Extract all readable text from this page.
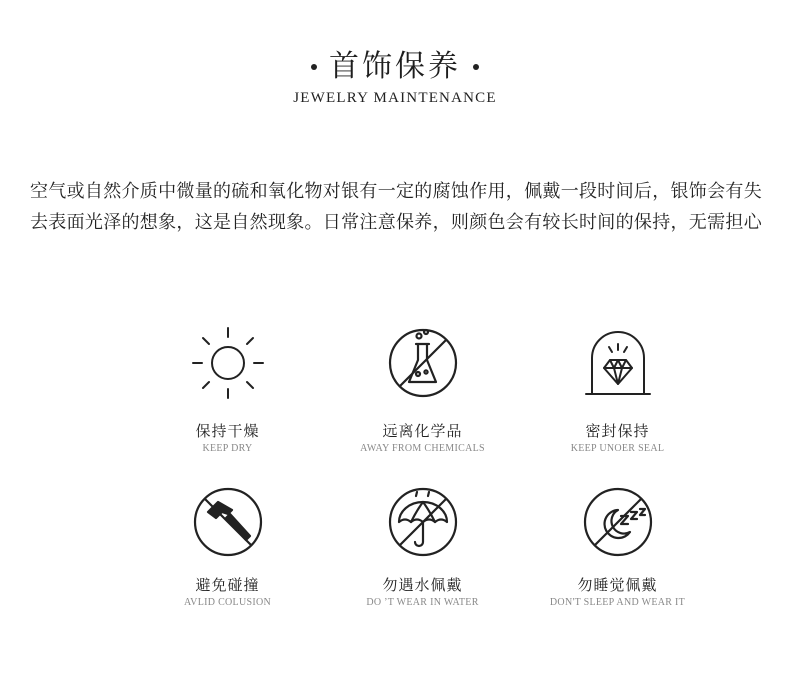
首饰保养
JEWELRY MAINTENANCE
空气或自然介质中微量的硫和氧化物对银有一定的腐蚀作用，佩戴一段时间后，银饰会有失去表面光泽的想象，这是自然现象。日常注意保养，则颜色会有较长时间的保持，无需担心
保持干燥
KEEP DRY
远离化学品
AWAY FROM CHEMICALS
密封保持
KEEP UNOER SEAL
避免碰撞
AVLID COLUSION
勿遇水佩戴
DO ’T WEAR IN WATER
勿睡觉佩戴
DON'T SLEEP AND WEAR IT
